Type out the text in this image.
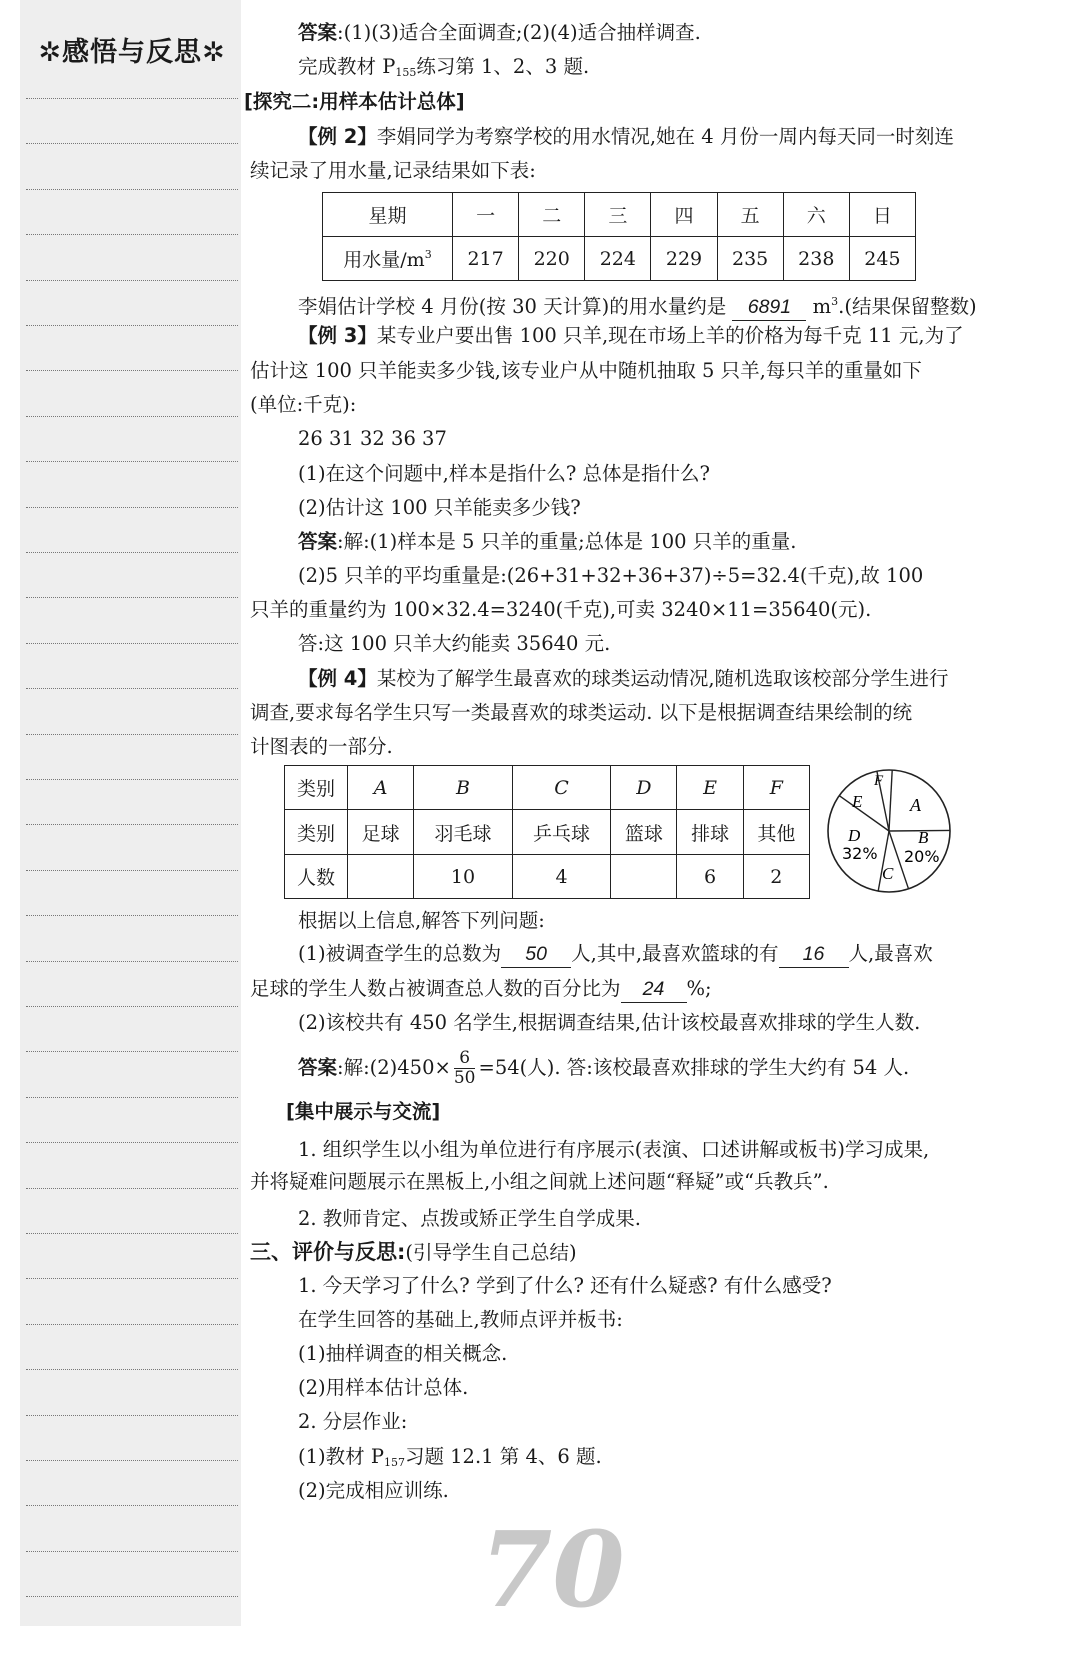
✲感悟与反思✲
答案:(1)(3)适合全面调查;(2)(4)适合抽样调查.
完成教材 $P_{155}$练习第 1、2、3 题.
[探究二:用样本估计总体]
【例 2】李娟同学为考察学校的用水情况,她在 4 月份一周内每天同一时刻连
续记录了用水量,记录结果如下表:
星期	一	二	三	四	五	六	日
用水量$/m^3$	217	220	224	229	235	238	245
李娟估计学校 4 月份(按 30 天计算)的用水量约是 6891 $m^3$.(结果保留整数)
【例 3】某专业户要出售 100 只羊,现在市场上羊的价格为每千克 11 元,为了
估计这 100 只羊能卖多少钱,该专业户从中随机抽取 5 只羊,每只羊的重量如下
(单位:千克):
26 31 32 36 37
(1)在这个问题中,样本是指什么? 总体是指什么?
(2)估计这 100 只羊能卖多少钱?
答案:解:(1)样本是 5 只羊的重量;总体是 100 只羊的重量.
(2)5 只羊的平均重量是:(26+31+32+36+37)÷5=32.4(千克),故 100
只羊的重量约为 100×32.4=3240(千克),可卖 3240×11=35640(元).
答:这 100 只羊大约能卖 35640 元.
【例 4】某校为了解学生最喜欢的球类运动情况,随机选取该校部分学生进行
调查,要求每名学生只写一类最喜欢的球类运动. 以下是根据调查结果绘制的统
计图表的一部分.
类别	A	B	C	D	E	F
类别	足球	羽毛球	乒乓球	篮球	排球	其他
人数		10	4		6	2
A
B
20%
C
D
32%
E
F
根据以上信息,解答下列问题:
(1)被调查学生的总数为 50 人,其中,最喜欢篮球的有 16 人,最喜欢
足球的学生人数占被调查总人数的百分比为 24 %;
(2)该校共有 450 名学生,根据调查结果,估计该校最喜欢排球的学生人数.
答案:解:(2)450× $\frac{6}{50} =54$(人). 答:该校最喜欢排球的学生大约有 54 人.
[集中展示与交流]
1. 组织学生以小组为单位进行有序展示(表演、口述讲解或板书)学习成果,
并将疑难问题展示在黑板上,小组之间就上述问题“释疑”或“兵教兵”.
2. 教师肯定、点拨或矫正学生自学成果.
三、评价与反思:(引导学生自己总结)
1. 今天学习了什么? 学到了什么? 还有什么疑惑? 有什么感受?
在学生回答的基础上,教师点评并板书:
(1)抽样调查的相关概念.
(2)用样本估计总体.
2. 分层作业:
(1)教材 $P_{157}$习题 12.1 第 4、6 题.
(2)完成相应训练.
70
